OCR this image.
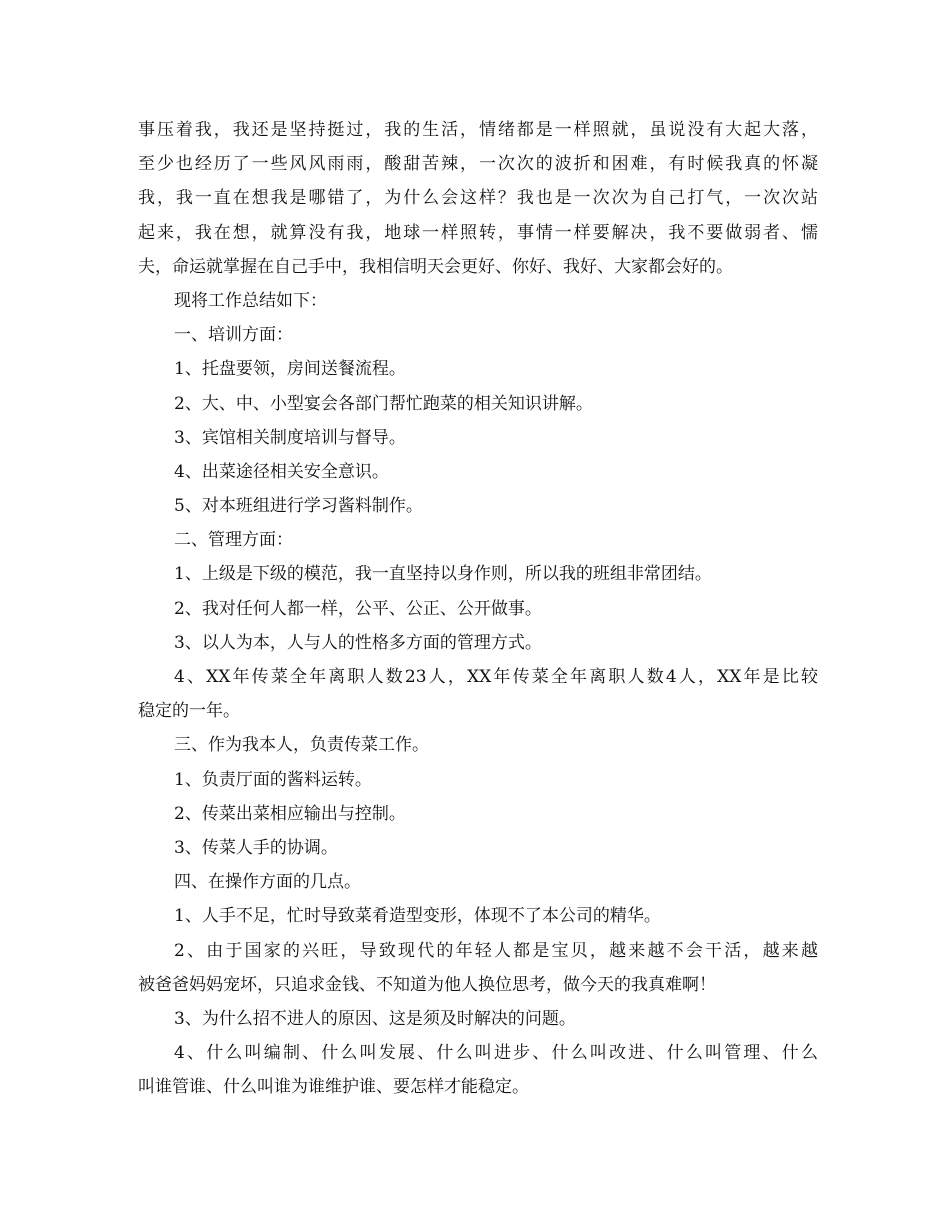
事压着我，我还是坚持挺过，我的生活，情绪都是一样照就，虽说没有大起大落，
至少也经历了一些风风雨雨，酸甜苦辣，一次次的波折和困难，有时候我真的怀凝
我，我一直在想我是哪错了，为什么会这样？我也是一次次为自己打气，一次次站
起来，我在想，就算没有我，地球一样照转，事情一样要解决，我不要做弱者、懦
夫，命运就掌握在自己手中，我相信明天会更好、你好、我好、大家都会好的。
现将工作总结如下：
一、培训方面：
1、托盘要领，房间送餐流程。
2、大、中、小型宴会各部门帮忙跑菜的相关知识讲解。
3、宾馆相关制度培训与督导。
4、出菜途径相关安全意识。
5、对本班组进行学习酱料制作。
二、管理方面：
1、上级是下级的模范，我一直坚持以身作则，所以我的班组非常团结。
2、我对任何人都一样，公平、公正、公开做事。
3、以人为本，人与人的性格多方面的管理方式。
4、XX年传菜全年离职人数23人，XX年传菜全年离职人数4人，XX年是比较
稳定的一年。
三、作为我本人，负责传菜工作。
1、负责厅面的酱料运转。
2、传菜出菜相应输出与控制。
3、传菜人手的协调。
四、在操作方面的几点。
1、人手不足，忙时导致菜肴造型变形，体现不了本公司的精华。
2、由于国家的兴旺，导致现代的年轻人都是宝贝，越来越不会干活，越来越
被爸爸妈妈宠坏，只追求金钱、不知道为他人换位思考，做今天的我真难啊！
3、为什么招不进人的原因、这是须及时解决的问题。
4、什么叫编制、什么叫发展、什么叫进步、什么叫改进、什么叫管理、什么
叫谁管谁、什么叫谁为谁维护谁、要怎样才能稳定。
